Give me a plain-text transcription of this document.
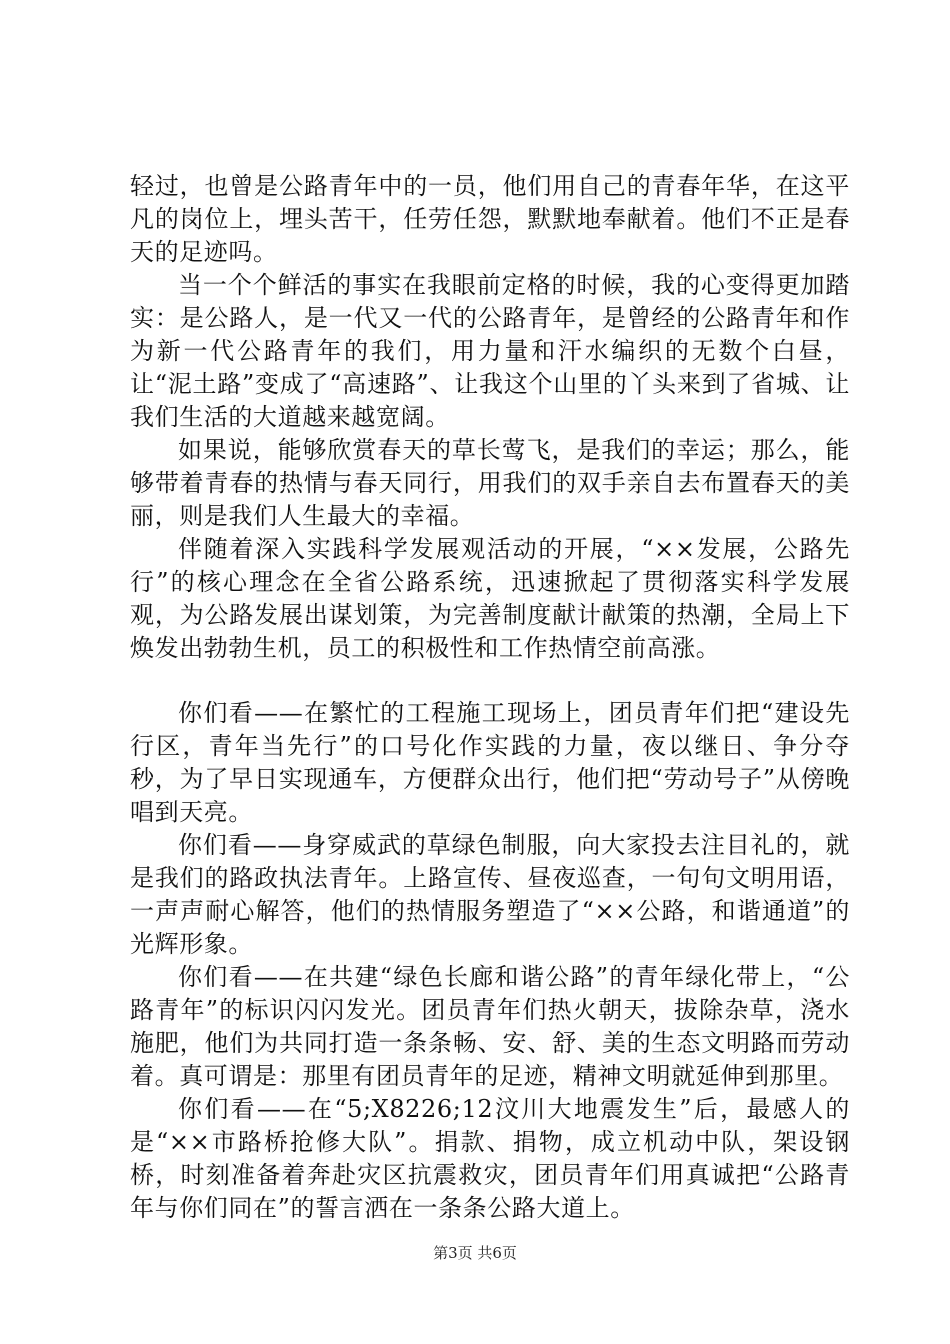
轻过，也曾是公路青年中的一员，他们用自己的青春年华，在这平凡的岗位上，埋头苦干，任劳任怨，默默地奉献着。他们不正是春天的足迹吗。

当一个个鲜活的事实在我眼前定格的时候，我的心变得更加踏实：是公路人，是一代又一代的公路青年，是曾经的公路青年和作为新一代公路青年的我们，用力量和汗水编织的无数个白昼，让“泥土路”变成了“高速路”、让我这个山里的丫头来到了省城、让我们生活的大道越来越宽阔。

如果说，能够欣赏春天的草长莺飞，是我们的幸运；那么，能够带着青春的热情与春天同行，用我们的双手亲自去布置春天的美丽，则是我们人生最大的幸福。

伴随着深入实践科学发展观活动的开展，“××发展，公路先行”的核心理念在全省公路系统，迅速掀起了贯彻落实科学发展观，为公路发展出谋划策，为完善制度献计献策的热潮，全局上下焕发出勃勃生机，员工的积极性和工作热情空前高涨。

你们看——在繁忙的工程施工现场上，团员青年们把“建设先行区，青年当先行”的口号化作实践的力量，夜以继日、争分夺秒，为了早日实现通车，方便群众出行，他们把“劳动号子”从傍晚唱到天亮。

你们看——身穿威武的草绿色制服，向大家投去注目礼的，就是我们的路政执法青年。上路宣传、昼夜巡查，一句句文明用语，一声声耐心解答，他们的热情服务塑造了“××公路，和谐通道”的光辉形象。

你们看——在共建“绿色长廊和谐公路”的青年绿化带上，“公路青年”的标识闪闪发光。团员青年们热火朝天，拔除杂草，浇水施肥，他们为共同打造一条条畅、安、舒、美的生态文明路而劳动着。真可谓是：那里有团员青年的足迹，精神文明就延伸到那里。

你们看——在“5;X8226;12汶川大地震发生”后，最感人的是“××市路桥抢修大队”。捐款、捐物，成立机动中队，架设钢桥，时刻准备着奔赴灾区抗震救灾，团员青年们用真诚把“公路青年与你们同在”的誓言洒在一条条公路大道上。

第3页 共6页
